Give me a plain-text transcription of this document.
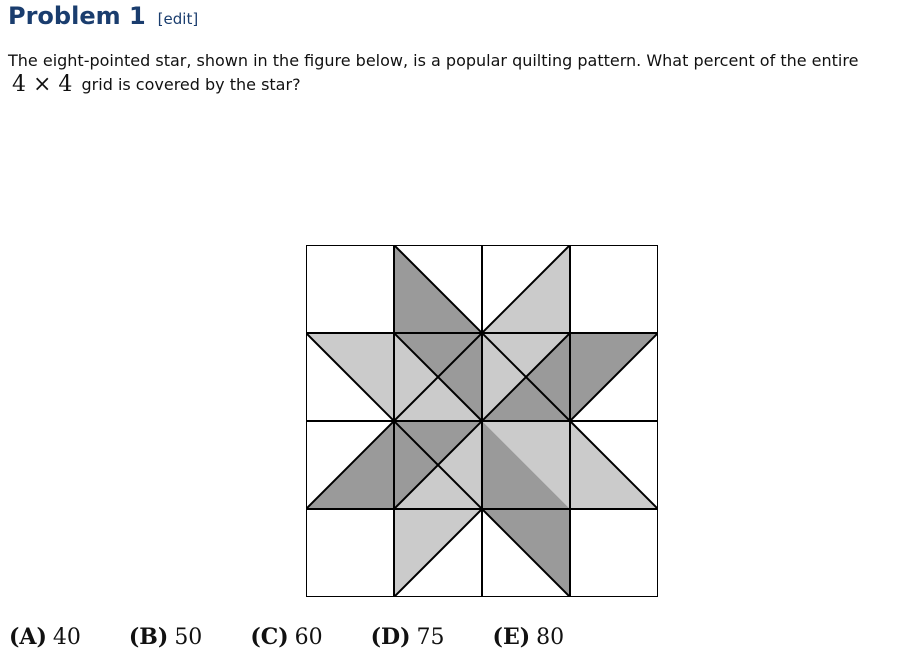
Problem 1 [edit]
The eight-pointed star, shown in the figure below, is a popular quilting pattern. What percent of the entire 4 × 4 grid is covered by the star?
(A) 40 (B) 50 (C) 60 (D) 75 (E) 80
